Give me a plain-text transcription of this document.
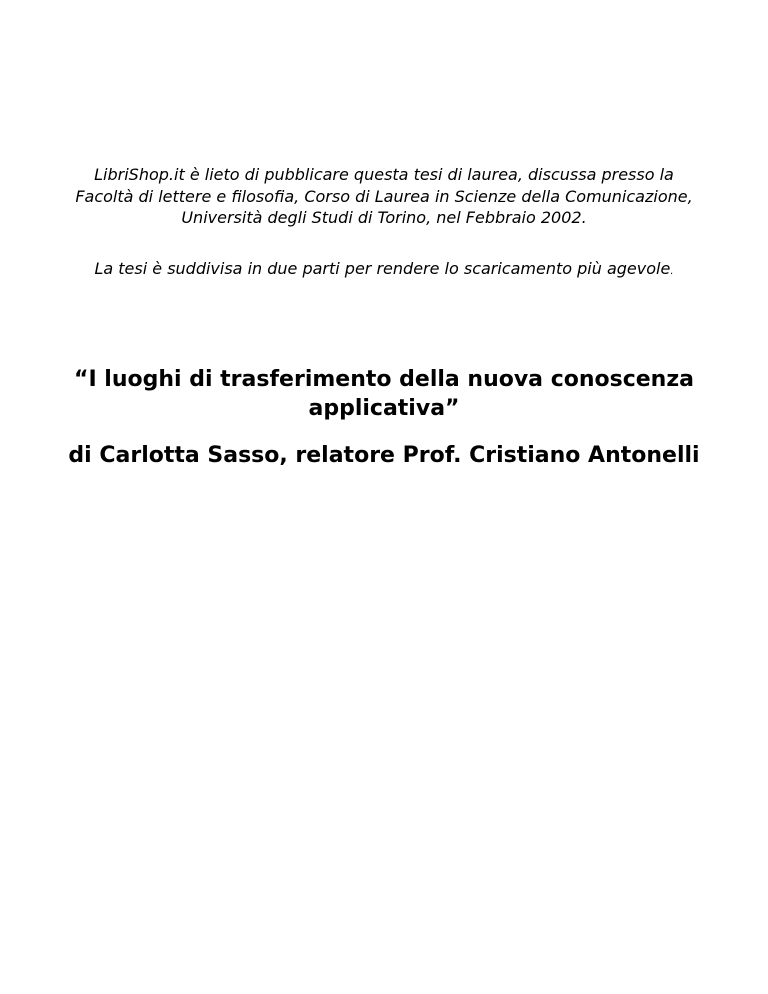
LibriShop.it è lieto di pubblicare questa tesi di laurea, discussa presso la Facoltà di lettere e filosofia, Corso di Laurea in Scienze della Comunicazione, Università degli Studi di Torino, nel Febbraio 2002.

La tesi è suddivisa in due parti per rendere lo scaricamento più agevole.

“I luoghi di trasferimento della nuova conoscenza applicativa”
di Carlotta Sasso, relatore Prof. Cristiano Antonelli
